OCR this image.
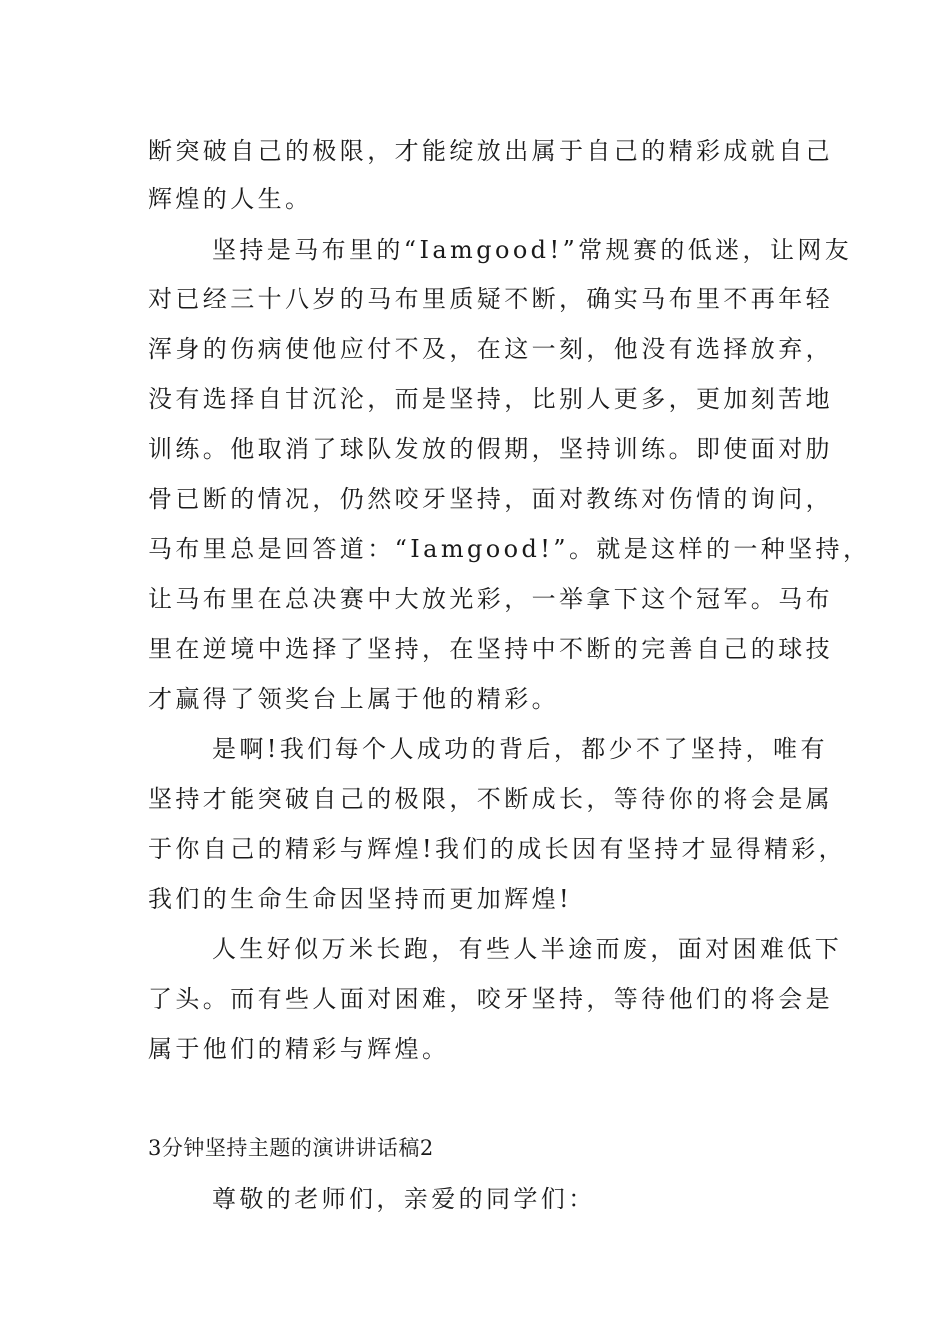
断突破自己的极限，才能绽放出属于自己的精彩成就自己
辉煌的人生。
坚持是马布里的“Iamgood!”常规赛的低迷，让网友
对已经三十八岁的马布里质疑不断，确实马布里不再年轻
浑身的伤病使他应付不及，在这一刻，他没有选择放弃，
没有选择自甘沉沦，而是坚持，比别人更多，更加刻苦地
训练。他取消了球队发放的假期，坚持训练。即使面对肋
骨已断的情况，仍然咬牙坚持，面对教练对伤情的询问，
马布里总是回答道：“Iamgood!”。就是这样的一种坚持，
让马布里在总决赛中大放光彩，一举拿下这个冠军。马布
里在逆境中选择了坚持，在坚持中不断的完善自己的球技
才赢得了领奖台上属于他的精彩。
是啊!我们每个人成功的背后，都少不了坚持，唯有
坚持才能突破自己的极限，不断成长，等待你的将会是属
于你自己的精彩与辉煌!我们的成长因有坚持才显得精彩，
我们的生命生命因坚持而更加辉煌!
人生好似万米长跑，有些人半途而废，面对困难低下
了头。而有些人面对困难，咬牙坚持，等待他们的将会是
属于他们的精彩与辉煌。
3分钟坚持主题的演讲讲话稿2
尊敬的老师们，亲爱的同学们：
